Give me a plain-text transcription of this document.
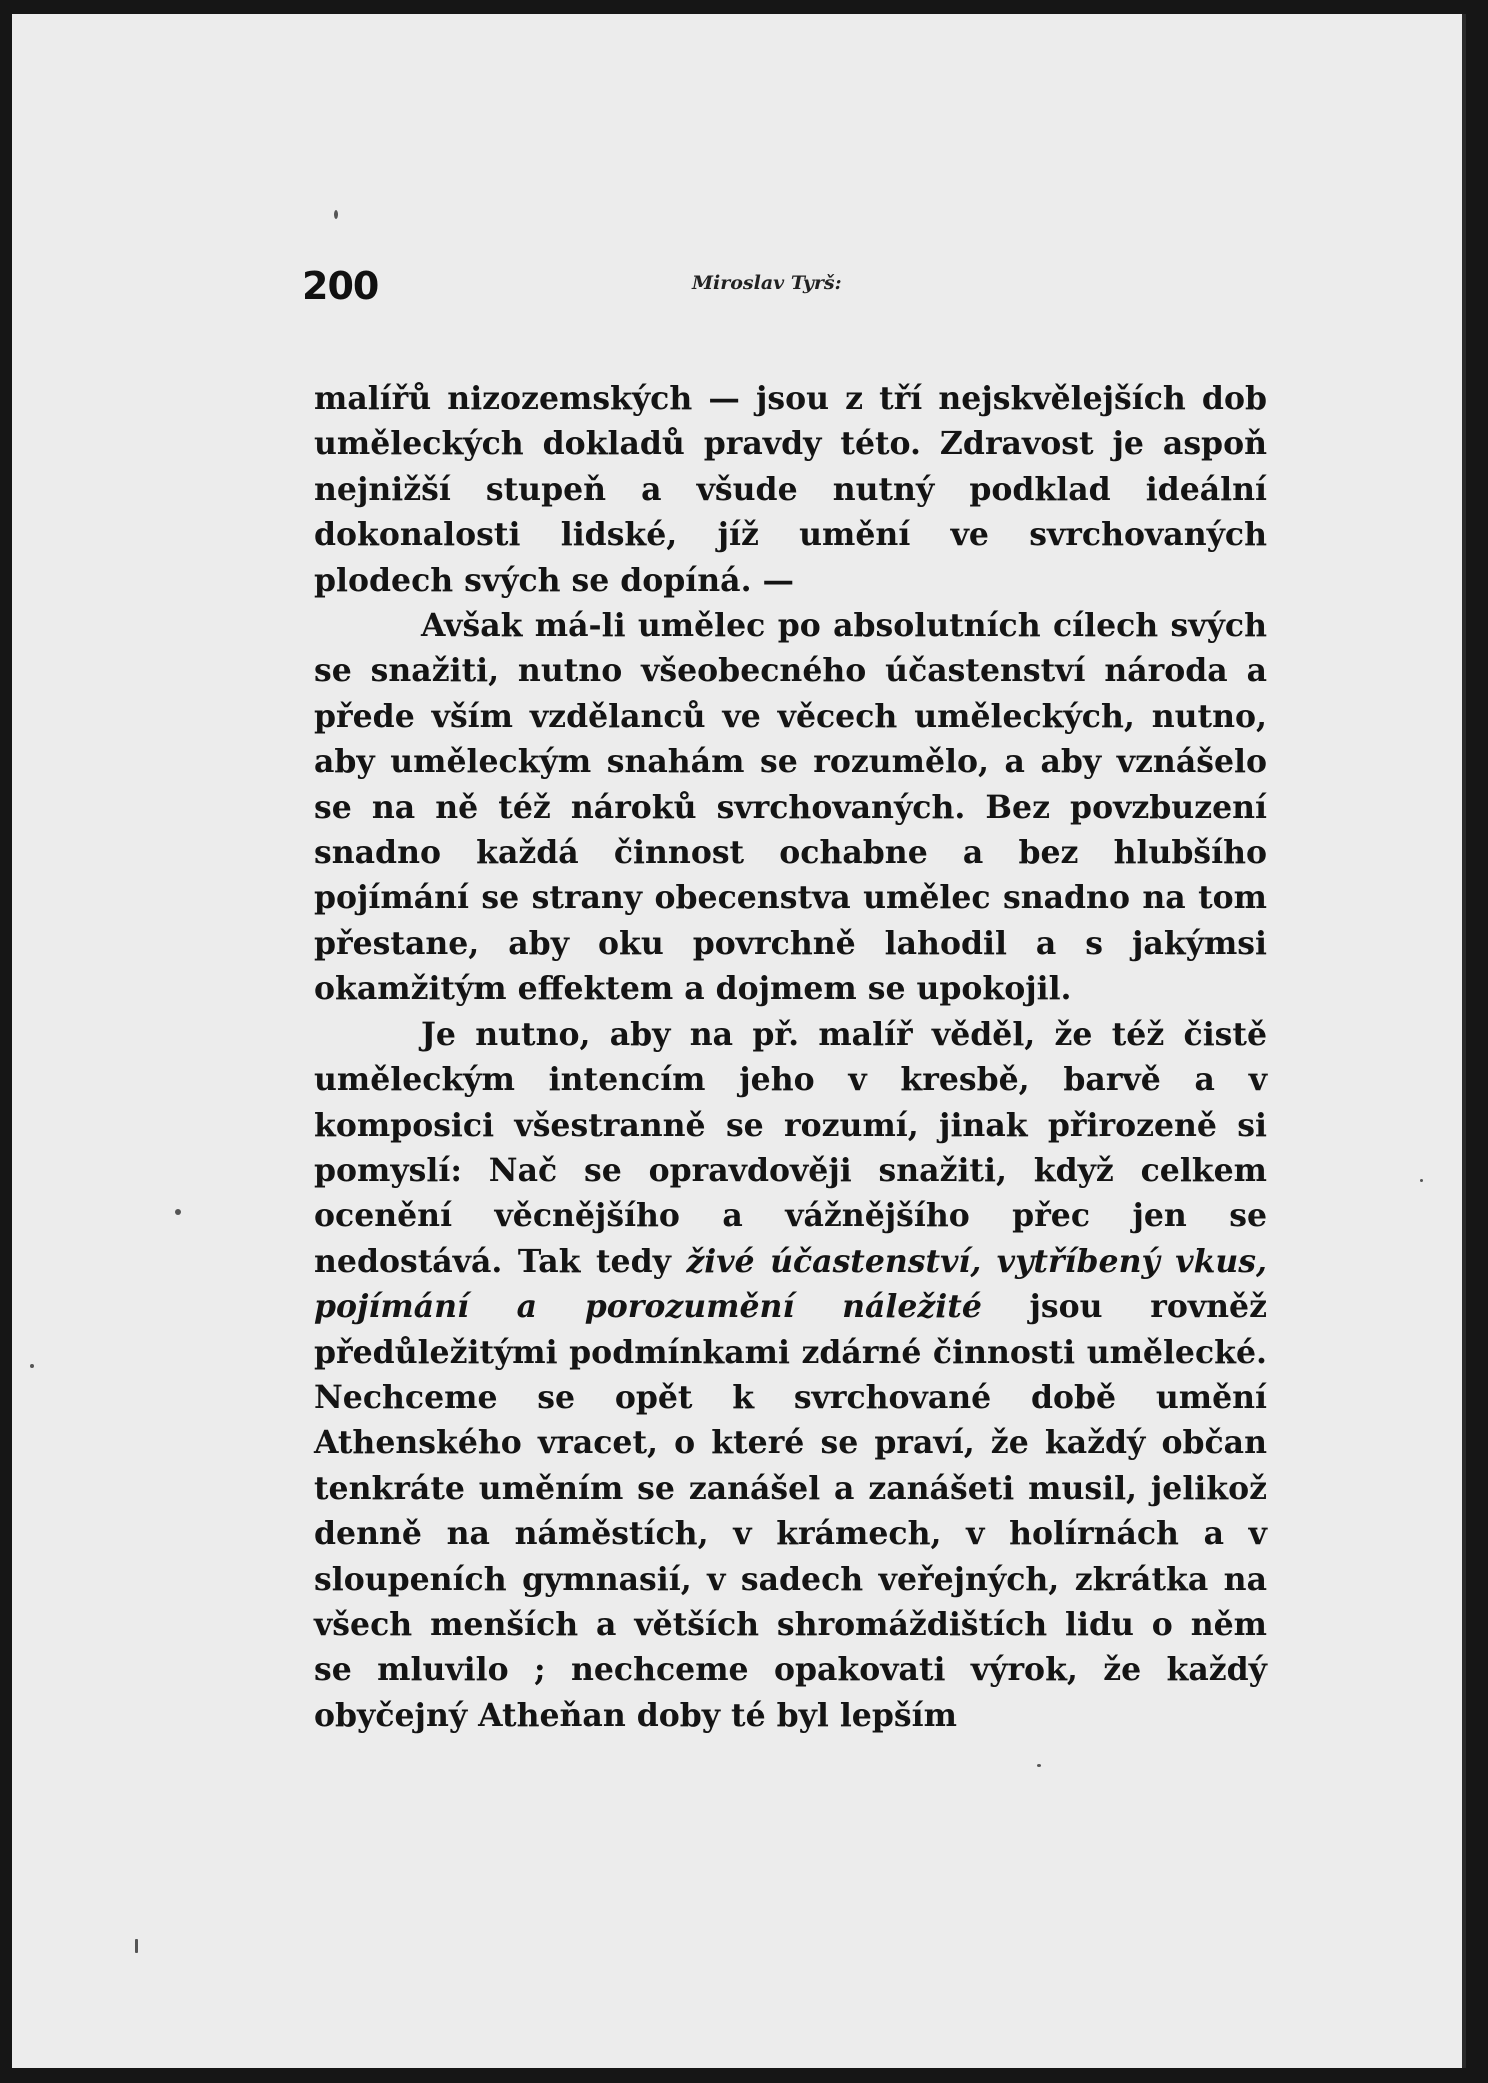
200	Miroslav Tyrš:

malířů nizozemských — jsou z tří nejskvělejších dob uměleckých dokladů pravdy této. Zdravost je aspoň nejnižší stupeň a všude nutný podklad ideální dokonalosti lidské, jíž umění ve svrchovaných plodech svých se dopíná. —

Avšak má-li umělec po absolutních cílech svých se snažiti, nutno všeobecného účastenství národa a přede vším vzdělanců ve věcech uměleckých, nutno, aby uměleckým snahám se rozumělo, a aby vznášelo se na ně též nároků svrchovaných. Bez povzbuzení snadno každá činnost ochabne a bez hlubšího pojímání se strany obecenstva umělec snadno na tom přestane, aby oku povrchně lahodil a s jakýmsi okamžitým effektem a dojmem se upokojil.

Je nutno, aby na př. malíř věděl, že též čistě uměleckým intencím jeho v kresbě, barvě a v komposici všestranně se rozumí, jinak přirozeně si pomyslí: Nač se opravdověji snažiti, když celkem ocenění věcnějšího a vážnějšího přec jen se nedostává. Tak tedy živé účastenství, vytříbený vkus, pojímání a porozumění náležité jsou rovněž předůležitými podmínkami zdárné činnosti umělecké. Nechceme se opět k svrchované době umění Athenského vracet, o které se praví, že každý občan tenkráte uměním se zanášel a zanášeti musil, jelikož denně na náměstích, v krámech, v holírnách a v sloupeních gymnasií, v sadech veřejných, zkrátka na všech menších a větších shromáždištích lidu o něm se mluvilo ; nechceme opakovati výrok, že každý obyčejný Atheňan doby té byl lepším
